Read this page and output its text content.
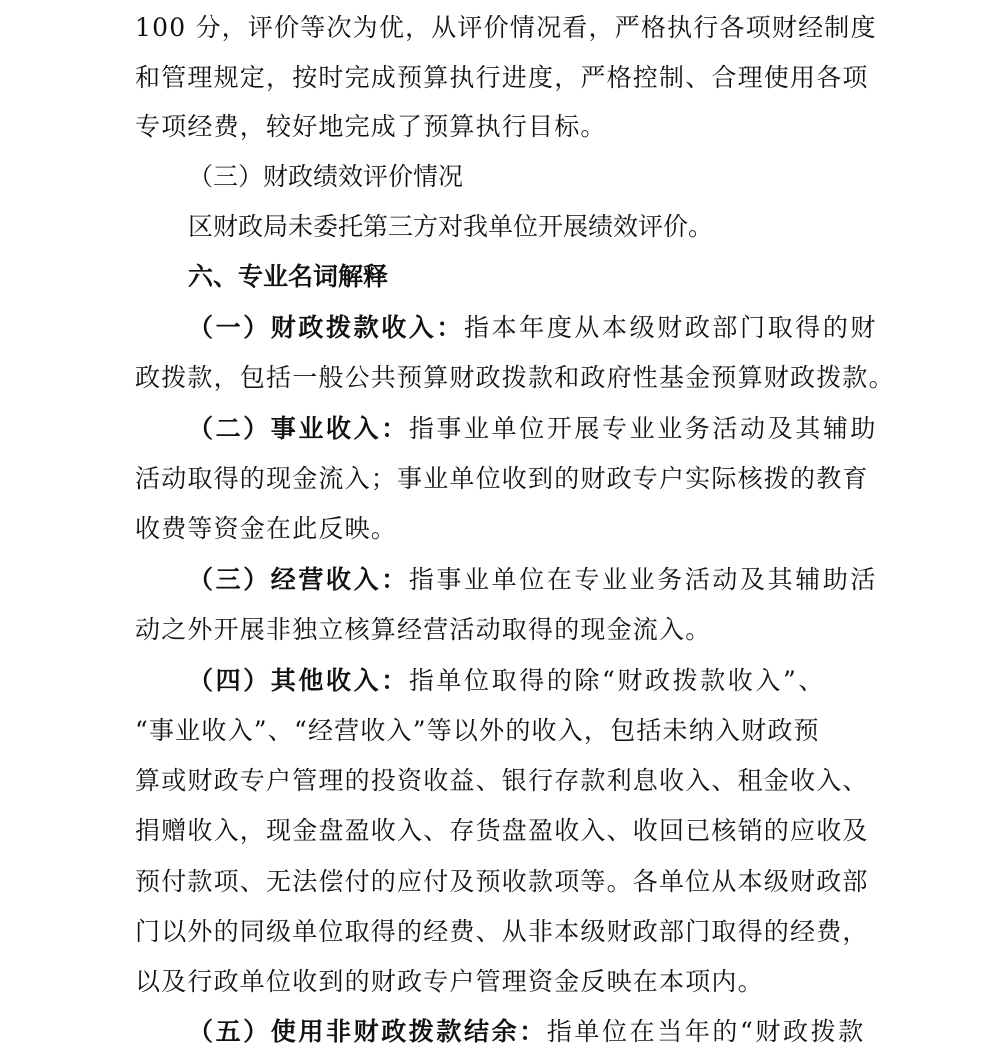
100 分，评价等次为优，从评价情况看，严格执行各项财经制度
和管理规定，按时完成预算执行进度，严格控制、合理使用各项
专项经费，较好地完成了预算执行目标。
（三）财政绩效评价情况
区财政局未委托第三方对我单位开展绩效评价。
六、专业名词解释
（一）财政拨款收入：指本年度从本级财政部门取得的财
政拨款，包括一般公共预算财政拨款和政府性基金预算财政拨款。
（二）事业收入：指事业单位开展专业业务活动及其辅助
活动取得的现金流入；事业单位收到的财政专户实际核拨的教育
收费等资金在此反映。
（三）经营收入：指事业单位在专业业务活动及其辅助活
动之外开展非独立核算经营活动取得的现金流入。
（四）其他收入：指单位取得的除“财政拨款收入”、
“事业收入”、“经营收入”等以外的收入，包括未纳入财政预
算或财政专户管理的投资收益、银行存款利息收入、租金收入、
捐赠收入，现金盘盈收入、存货盘盈收入、收回已核销的应收及
预付款项、无法偿付的应付及预收款项等。各单位从本级财政部
门以外的同级单位取得的经费、从非本级财政部门取得的经费，
以及行政单位收到的财政专户管理资金反映在本项内。
（五）使用非财政拨款结余：指单位在当年的“财政拨款
